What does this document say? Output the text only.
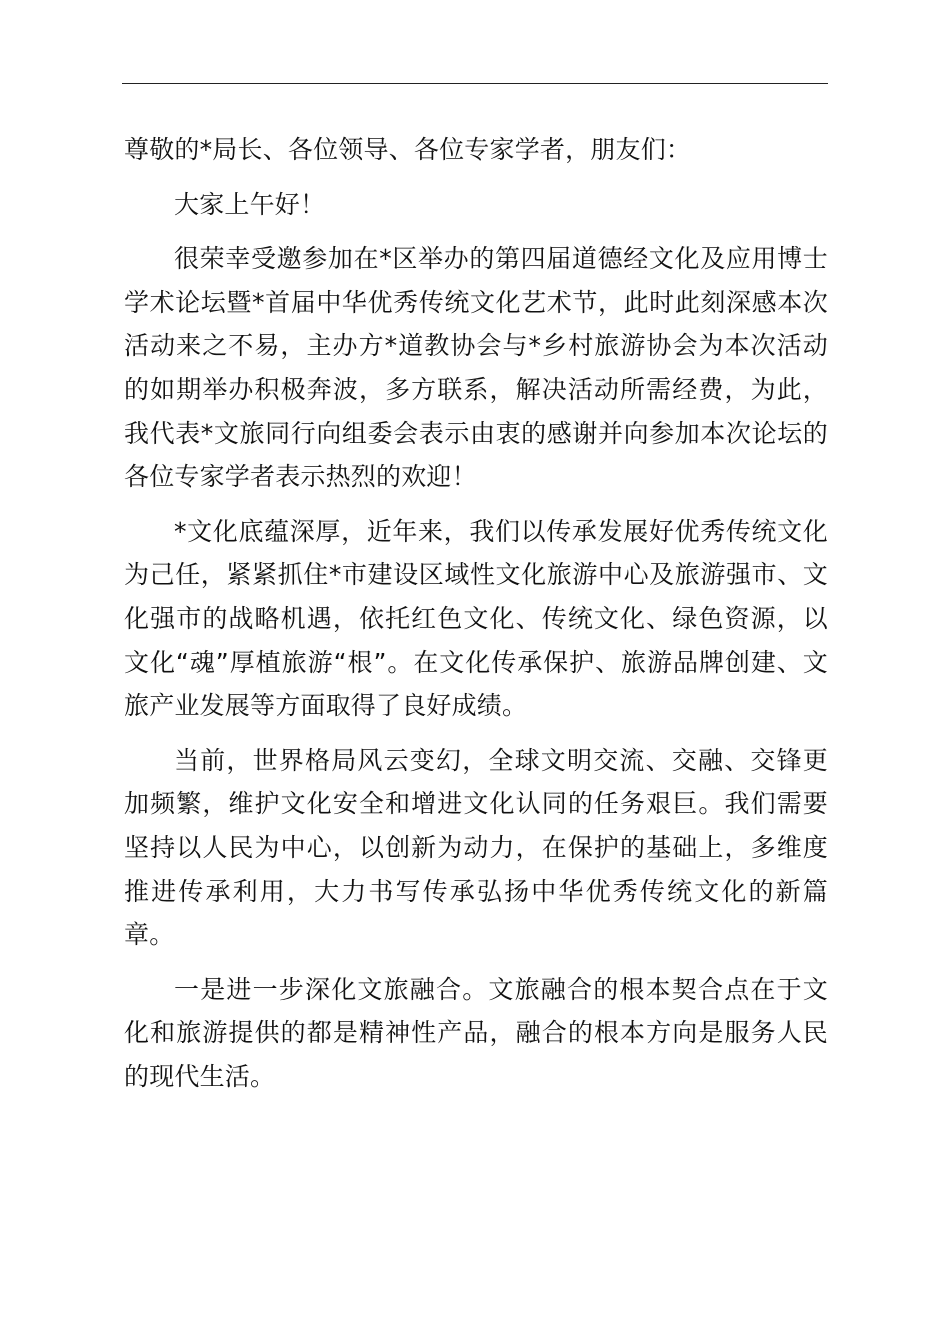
尊敬的*局长、各位领导、各位专家学者，朋友们：

大家上午好！

很荣幸受邀参加在*区举办的第四届道德经文化及应用博士学术论坛暨*首届中华优秀传统文化艺术节，此时此刻深感本次活动来之不易，主办方*道教协会与*乡村旅游协会为本次活动的如期举办积极奔波，多方联系，解决活动所需经费，为此，我代表*文旅同行向组委会表示由衷的感谢并向参加本次论坛的各位专家学者表示热烈的欢迎！

*文化底蕴深厚，近年来，我们以传承发展好优秀传统文化为己任，紧紧抓住*市建设区域性文化旅游中心及旅游强市、文化强市的战略机遇，依托红色文化、传统文化、绿色资源，以文化“魂”厚植旅游“根”。在文化传承保护、旅游品牌创建、文旅产业发展等方面取得了良好成绩。

当前，世界格局风云变幻，全球文明交流、交融、交锋更加频繁，维护文化安全和增进文化认同的任务艰巨。我们需要坚持以人民为中心，以创新为动力，在保护的基础上，多维度推进传承利用，大力书写传承弘扬中华优秀传统文化的新篇章。

一是进一步深化文旅融合。文旅融合的根本契合点在于文化和旅游提供的都是精神性产品，融合的根本方向是服务人民的现代生活。
